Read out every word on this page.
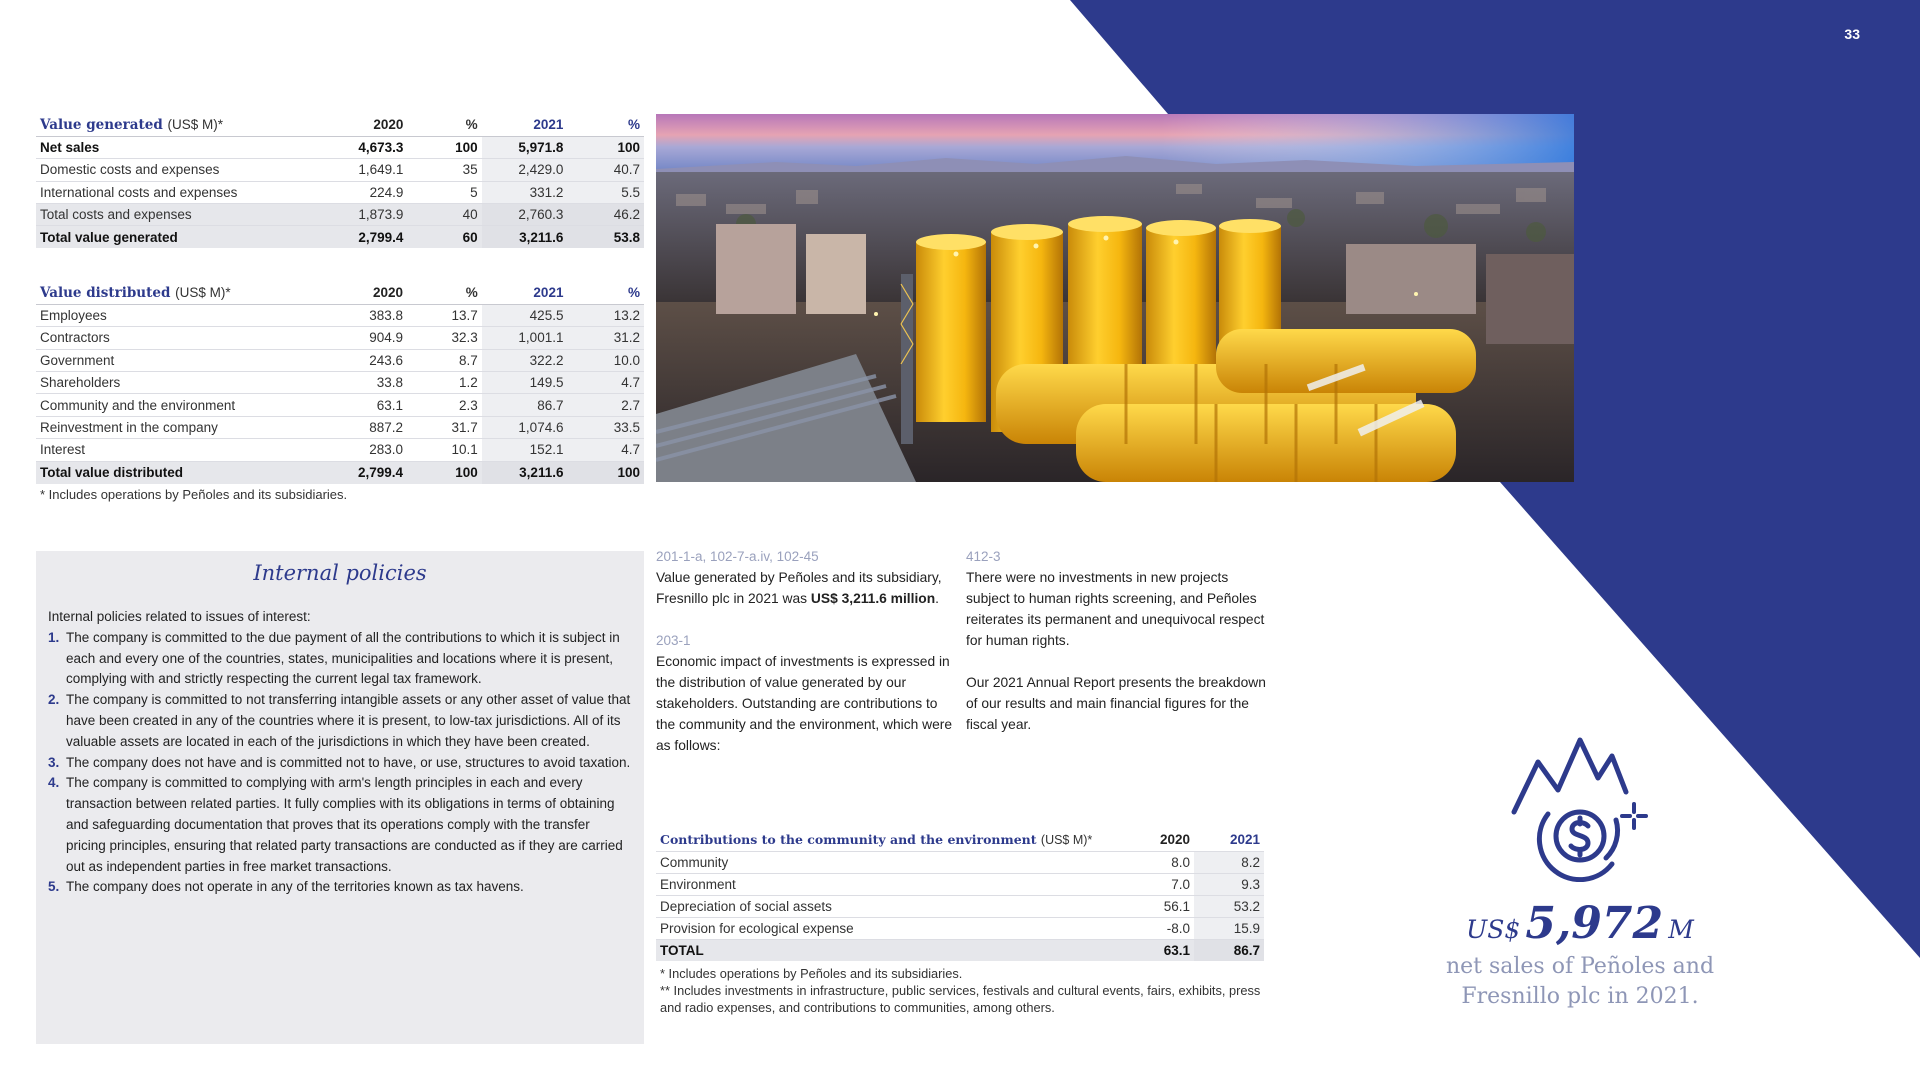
33
Value generated (US$ M)*	2020	%	2021	%
Net sales	4,673.3	100	5,971.8	100
Domestic costs and expenses	1,649.1	35	2,429.0	40.7
International costs and expenses	224.9	5	331.2	5.5
Total costs and expenses	1,873.9	40	2,760.3	46.2
Total value generated	2,799.4	60	3,211.6	53.8
Value distributed (US$ M)*	2020	%	2021	%
Employees	383.8	13.7	425.5	13.2
Contractors	904.9	32.3	1,001.1	31.2
Government	243.6	8.7	322.2	10.0
Shareholders	33.8	1.2	149.5	4.7
Community and the environment	63.1	2.3	86.7	2.7
Reinvestment in the company	887.2	31.7	1,074.6	33.5
Interest	283.0	10.1	152.1	4.7
Total value distributed	2,799.4	100	3,211.6	100
* Includes operations by Peñoles and its subsidiaries.
Internal policies
Internal policies related to issues of interest:
1. The company is committed to the due payment of all the contributions to which it is subject in each and every one of the countries, states, municipalities and locations where it is present, complying with and strictly respecting the current legal tax framework.
2. The company is committed to not transferring intangible assets or any other asset of value that have been created in any of the countries where it is present, to low-tax jurisdictions. All of its valuable assets are located in each of the jurisdictions in which they have been created.
3. The company does not have and is committed not to have, or use, structures to avoid taxation.
4. The company is committed to complying with arm's length principles in each and every transaction between related parties. It fully complies with its obligations in terms of obtaining and safeguarding documentation that proves that its operations comply with the transfer pricing principles, ensuring that related party transactions are conducted as if they are carried out as independent parties in free market transactions.
5. The company does not operate in any of the territories known as tax havens.
201-1-a, 102-7-a.iv, 102-45

Value generated by Peñoles and its subsidiary, Fresnillo plc in 2021 was US$ 3,211.6 million.

203-1

Economic impact of investments is expressed in the distribution of value generated by our stakeholders. Outstanding are contributions to the community and the environment, which were as follows:

412-3

There were no investments in new projects subject to human rights screening, and Peñoles reiterates its permanent and unequivocal respect for human rights.

Our 2021 Annual Report presents the breakdown of our results and main financial figures for the fiscal year.

Contributions to the community and the environment (US$ M)*	2020	2021
Community	8.0	8.2
Environment	7.0	9.3
Depreciation of social assets	56.1	53.2
Provision for ecological expense	-8.0	15.9
TOTAL	63.1	86.7
* Includes operations by Peñoles and its subsidiaries.
** Includes investments in infrastructure, public services, festivals and cultural events, fairs, exhibits, press and radio expenses, and contributions to communities, among others.
US$ 5,972 M
net sales of Peñoles and
Fresnillo plc in 2021.
